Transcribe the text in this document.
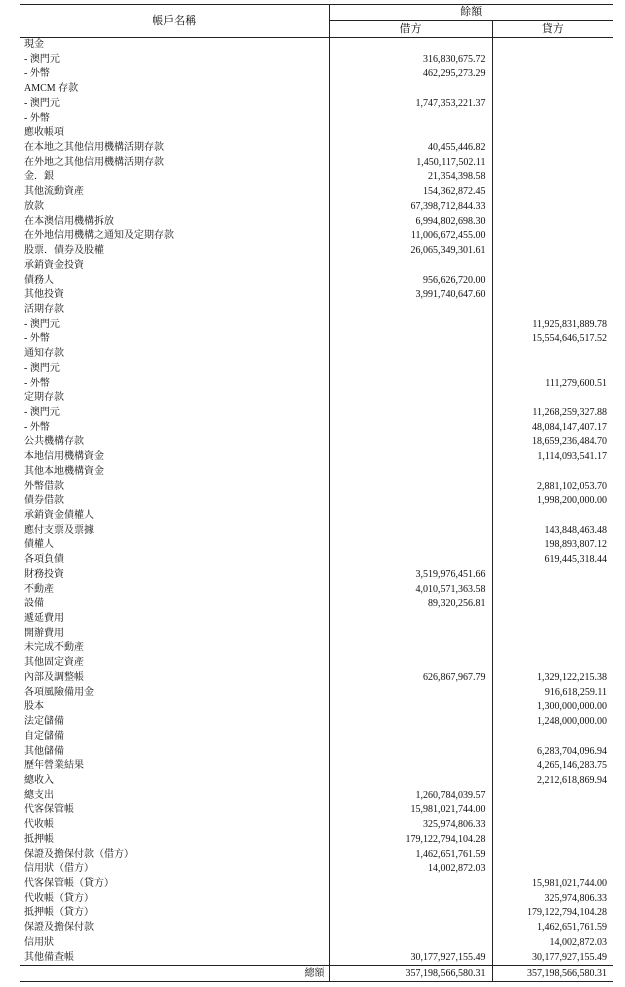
帳戶名稱	餘額	
	借方	貸方
現金		
- 澳門元	316,830,675.72	
- 外幣	462,295,273.29	
AMCM 存款		
- 澳門元	1,747,353,221.37	
- 外幣		
應收帳項		
在本地之其他信用機構活期存款	40,455,446.82	
在外地之其他信用機構活期存款	1,450,117,502.11	
金．銀	21,354,398.58	
其他流動資產	154,362,872.45	
放款	67,398,712,844.33	
在本澳信用機構拆放	6,994,802,698.30	
在外地信用機構之通知及定期存款	11,006,672,455.00	
股票．債券及股權	26,065,349,301.61	
承銷資金投資		
債務人	956,626,720.00	
其他投資	3,991,740,647.60	
活期存款		
- 澳門元		11,925,831,889.78
- 外幣		15,554,646,517.52
通知存款		
- 澳門元		
- 外幣		111,279,600.51
定期存款		
- 澳門元		11,268,259,327.88
- 外幣		48,084,147,407.17
公共機構存款		18,659,236,484.70
本地信用機構資金		1,114,093,541.17
其他本地機構資金		
外幣借款		2,881,102,053.70
債券借款		1,998,200,000.00
承銷資金債權人		
應付支票及票據		143,848,463.48
債權人		198,893,807.12
各項負債		619,445,318.44
財務投資	3,519,976,451.66	
不動產	4,010,571,363.58	
設備	89,320,256.81	
遞延費用		
開辦費用		
未完成不動產		
其他固定資產		
內部及調整帳	626,867,967.79	1,329,122,215.38
各項風險備用金		916,618,259.11
股本		1,300,000,000.00
法定儲備		1,248,000,000.00
自定儲備		
其他儲備		6,283,704,096.94
歷年營業結果		4,265,146,283.75
總收入		2,212,618,869.94
總支出	1,260,784,039.57	
代客保管帳	15,981,021,744.00	
代收帳	325,974,806.33	
抵押帳	179,122,794,104.28	
保證及擔保付款（借方）	1,462,651,761.59	
信用狀（借方）	14,002,872.03	
代客保管帳（貸方）		15,981,021,744.00
代收帳（貸方）		325,974,806.33
抵押帳（貸方）		179,122,794,104.28
保證及擔保付款		1,462,651,761.59
信用狀		14,002,872.03
其他備查帳	30,177,927,155.49	30,177,927,155.49
總額	357,198,566,580.31	357,198,566,580.31
